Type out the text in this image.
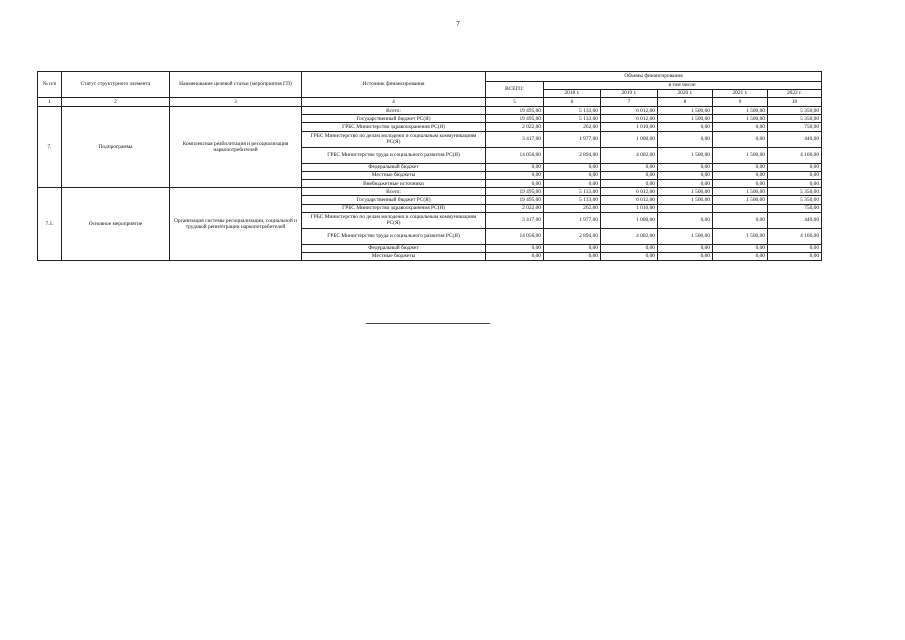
7
№ п/п	Статус структурного элемента	Наименование целевой статьи (мероприятия ГП)	Источник финансирования	Объемы финансирования					
				ВСЕГО:	в том числе:				
					2018 г.	2019 г.	2020 г.	2021 г.	2022 г.
1	2	3	4	5	6	7	8	9	10
7.	Подпрограмма	Комплексная реабилитация и ресоциализация наркопотребителей	Всего:	19 495,00	5 133,00	6 012,00	1 500,00	1 500,00	5 350,00
			Государственный бюджет РС(Я)	19 495,00	5 133,00	6 012,00	1 500,00	1 500,00	5 350,00
			ГРБС Министерство здравоохранения РС(Я)	2 022,00	262,00	1 010,00	0,00	0,00	750,00
			ГРБС Министерство по делам молодежи и социальным коммуникациям РС(Я)	3 417,00	1 977,00	1 000,00	0,00	0,00	440,00
			ГРБС Министерство труда и социального развития РС(Я)	14 056,00	2 894,00	4 002,00	1 500,00	1 500,00	4 160,00
			Федеральный бюджет	0,00	0,00	0,00	0,00	0,00	0,00
			Местные бюджеты	0,00	0,00	0,00	0,00	0,00	0,00
			Внебюджетные источники	0,00	0,00	0,00	0,00	0,00	0,00
7.1.	Основное мероприятие	Организация системы ресоциализации, социальной и трудовой реинтеграции наркопотребителей	Всего:	19 495,00	5 133,00	6 012,00	1 500,00	1 500,00	5 350,00
			Государственный бюджет РС(Я)	19 495,00	5 133,00	6 012,00	1 500,00	1 500,00	5 350,00
			ГРБС Министерство здравоохранения РС(Я)	2 022,00	262,00	1 010,00			750,00
			ГРБС Министерство по делам молодежи и социальным коммуникациям РС(Я)	3 417,00	1 977,00	1 000,00	0,00	0,00	440,00
			ГРБС Министерство труда и социального развития РС(Я)	14 056,00	2 894,00	4 002,00	1 500,00	1 500,00	4 160,00
			Федеральный бюджет	0,00	0,00	0,00	0,00	0,00	0,00
			Местные бюджеты	0,00	0,00	0,00	0,00	0,00	0,00
